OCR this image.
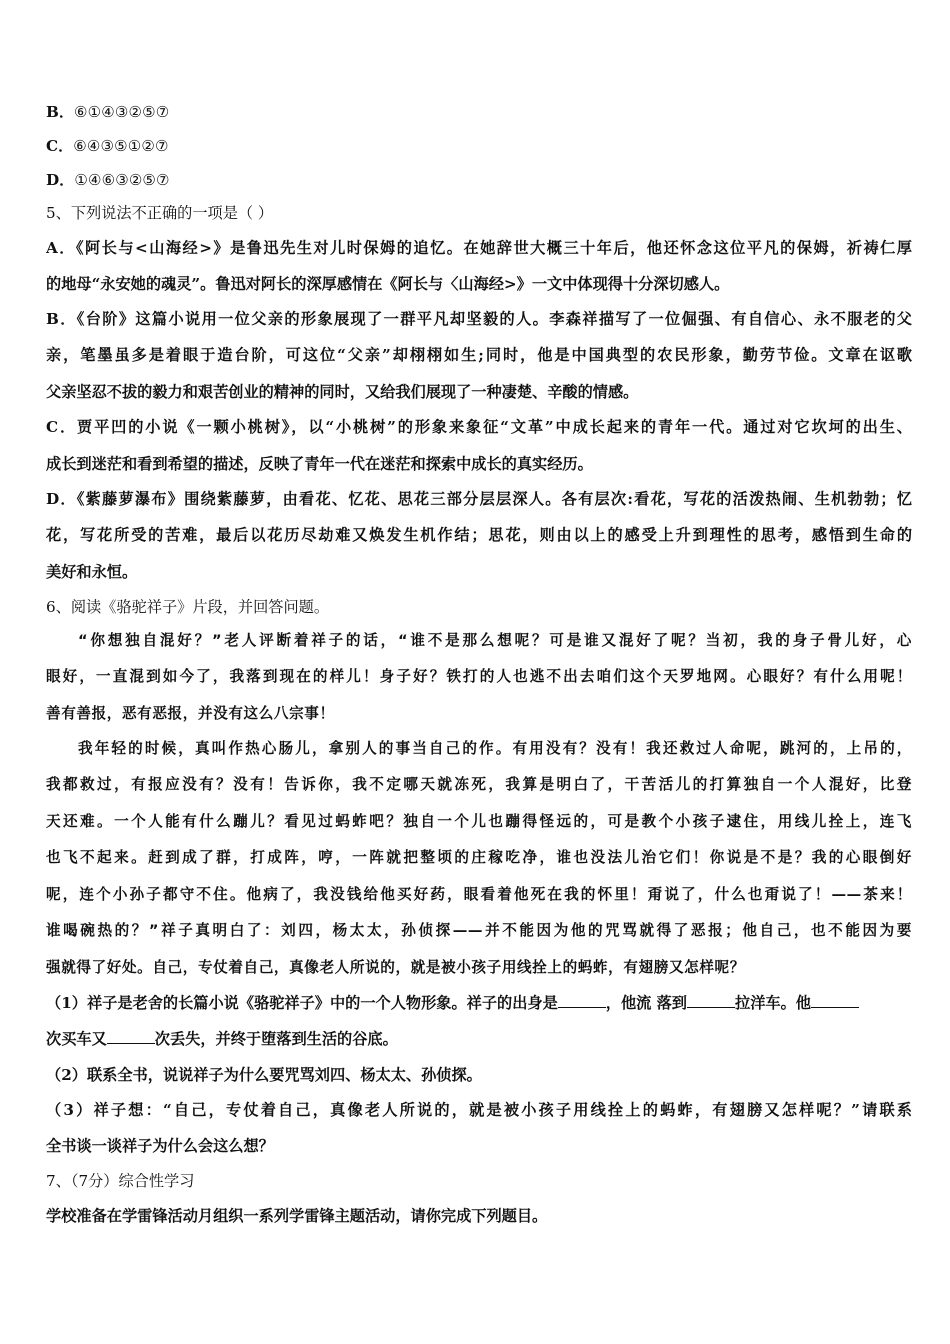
B．⑥①④③②⑤⑦
C．⑥④③⑤①②⑦
D．①④⑥③②⑤⑦
5、下列说法不正确的一项是（ ）
A．《阿长与<山海经>》是鲁迅先生对儿时保姆的追忆。在她辞世大概三十年后，他还怀念这位平凡的保姆，祈祷仁厚
的地母“永安她的魂灵”。鲁迅对阿长的深厚感情在《阿长与〈山海经>》一文中体现得十分深切感人。
B．《台阶》这篇小说用一位父亲的形象展现了一群平凡却坚毅的人。李森祥描写了一位倔强、有自信心、永不服老的父
亲，笔墨虽多是着眼于造台阶，可这位“父亲”却栩栩如生;同时，他是中国典型的农民形象，勤劳节俭。文章在讴歌
父亲坚忍不拔的毅力和艰苦创业的精神的同时，又给我们展现了一种凄楚、辛酸的情感。
C．贾平凹的小说《一颗小桃树》，以“小桃树”的形象来象征“文革”中成长起来的青年一代。通过对它坎坷的出生、
成长到迷茫和看到希望的描述，反映了青年一代在迷茫和探索中成长的真实经历。
D．《紫藤萝瀑布》围绕紫藤萝，由看花、忆花、思花三部分层层深人。各有层次:看花，写花的活泼热闹、生机勃勃；忆
花，写花所受的苦难，最后以花历尽劫难又焕发生机作结；思花，则由以上的感受上升到理性的思考，感悟到生命的
美好和永恒。
6、阅读《骆驼祥子》片段，并回答问题。
“你想独自混好？”老人评断着祥子的话，“谁不是那么想呢？可是谁又混好了呢？当初，我的身子骨儿好，心
眼好，一直混到如今了，我落到现在的样儿！身子好？铁打的人也逃不出去咱们这个天罗地网。心眼好？有什么用呢！
善有善报，恶有恶报，并没有这么八宗事！
我年轻的时候，真叫作热心肠儿，拿别人的事当自己的作。有用没有？没有！我还救过人命呢，跳河的，上吊的，
我都救过，有报应没有？没有！告诉你，我不定哪天就冻死，我算是明白了，干苦活儿的打算独自一个人混好，比登
天还难。一个人能有什么蹦儿？看见过蚂蚱吧？独自一个儿也蹦得怪远的，可是教个小孩子逮住，用线儿拴上，连飞
也飞不起来。赶到成了群，打成阵，哼，一阵就把整顷的庄稼吃净，谁也没法儿治它们！你说是不是？我的心眼倒好
呢，连个小孙子都守不住。他病了，我没钱给他买好药，眼看着他死在我的怀里！甭说了，什么也甭说了！——茶来！
谁喝碗热的？”祥子真明白了：刘四，杨太太，孙侦探——并不能因为他的咒骂就得了恶报；他自己，也不能因为要
强就得了好处。自己，专仗着自己，真像老人所说的，就是被小孩子用线拴上的蚂蚱，有翅膀又怎样呢？
（1）祥子是老舍的长篇小说《骆驼祥子》中的一个人物形象。祥子的出身是	，他流 落到	拉洋车。他
次买车又	次丢失，并终于堕落到生活的谷底。
（2）联系全书，说说祥子为什么要咒骂刘四、杨太太、孙侦探。
（3）祥子想：“自己，专仗着自己，真像老人所说的，就是被小孩子用线拴上的蚂蚱，有翅膀又怎样呢？”请联系
全书谈一谈祥子为什么会这么想？
7、（7分）综合性学习
学校准备在学雷锋活动月组织一系列学雷锋主题活动，请你完成下列题目。
